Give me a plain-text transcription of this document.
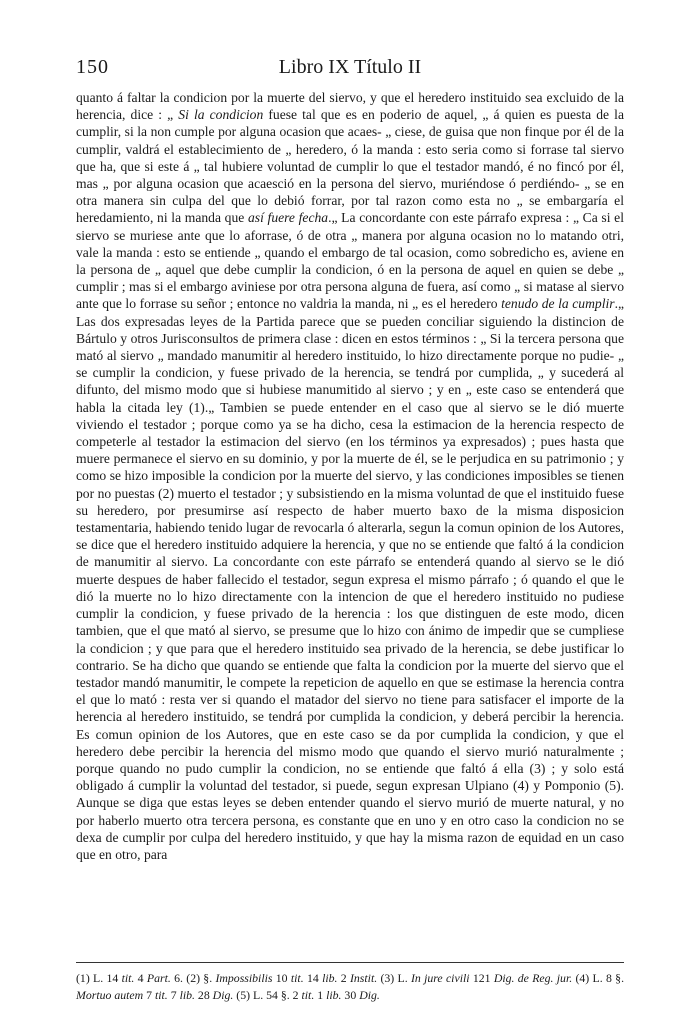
150	Libro IX Título II

quanto á faltar la condicion por la muerte del siervo, y que el heredero instituido sea excluido de la herencia, dice : „ Si la condicion fuese tal que es en poderio de aquel, „ á quien es puesta de la cumplir, si la non cumple por alguna ocasion que acaes- „ ciese, de guisa que non finque por él de la cumplir, valdrá el establecimiento de „ heredero, ó la manda : esto seria como si forrase tal siervo que ha, que si este á „ tal hubiere voluntad de cumplir lo que el testador mandó, é no fincó por él, mas „ por alguna ocasion que acaesció en la persona del siervo, muriéndose ó perdiéndo- „ se en otra manera sin culpa del que lo debió forrar, por tal razon como esta no „ se embargaría el heredamiento, ni la manda que así fuere fecha.„ La concordante con este párrafo expresa : „ Ca si el siervo se muriese ante que lo aforrase, ó de otra „ manera por alguna ocasion no lo matando otri, vale la manda : esto se entiende „ quando el embargo de tal ocasion, como sobredicho es, aviene en la persona de „ aquel que debe cumplir la condicion, ó en la persona de aquel en quien se debe „ cumplir ; mas si el embargo aviniese por otra persona alguna de fuera, así como „ si matase al siervo ante que lo forrase su señor ; entonce no valdria la manda, ni „ es el heredero tenudo de la cumplir.„ Las dos expresadas leyes de la Partida parece que se pueden conciliar siguiendo la distincion de Bártulo y otros Jurisconsultos de primera clase : dicen en estos términos : „ Si la tercera persona que mató al siervo „ mandado manumitir al heredero instituido, lo hizo directamente porque no pudie- „ se cumplir la condicion, y fuese privado de la herencia, se tendrá por cumplida, „ y sucederá al difunto, del mismo modo que si hubiese manumitido al siervo ; y en „ este caso se entenderá que habla la citada ley (1).„ Tambien se puede entender en el caso que al siervo se le dió muerte viviendo el testador ; porque como ya se ha dicho, cesa la estimacion de la herencia respecto de competerle al testador la estimacion del siervo (en los términos ya expresados) ; pues hasta que muere permanece el siervo en su dominio, y por la muerte de él, se le perjudica en su patrimonio ; y como se hizo imposible la condicion por la muerte del siervo, y las condiciones imposibles se tienen por no puestas (2) muerto el testador ; y subsistiendo en la misma voluntad de que el instituido fuese su heredero, por presumirse así respecto de haber muerto baxo de la misma disposicion testamentaria, habiendo tenido lugar de revocarla ó alterarla, segun la comun opinion de los Autores, se dice que el heredero instituido adquiere la herencia, y que no se entiende que faltó á la condicion de manumitir al siervo. La concordante con este párrafo se entenderá quando al siervo se le dió muerte despues de haber fallecido el testador, segun expresa el mismo párrafo ; ó quando el que le dió la muerte no lo hizo directamente con la intencion de que el heredero instituido no pudiese cumplir la condicion, y fuese privado de la herencia : los que distinguen de este modo, dicen tambien, que el que mató al siervo, se presume que lo hizo con ánimo de impedir que se cumpliese la condicion ; y que para que el heredero instituido sea privado de la herencia, se debe justificar lo contrario. Se ha dicho que quando se entiende que falta la condicion por la muerte del siervo que el testador mandó manumitir, le compete la repeticion de aquello en que se estimase la herencia contra el que lo mató : resta ver si quando el matador del siervo no tiene para satisfacer el importe de la herencia al heredero instituido, se tendrá por cumplida la condicion, y deberá percibir la herencia. Es comun opinion de los Autores, que en este caso se da por cumplida la condicion, y que el heredero debe percibir la herencia del mismo modo que quando el siervo murió naturalmente ; porque quando no pudo cumplir la condicion, no se entiende que faltó á ella (3) ; y solo está obligado á cumplir la voluntad del testador, si puede, segun expresan Ulpiano (4) y Pomponio (5). Aunque se diga que estas leyes se deben entender quando el siervo murió de muerte natural, y no por haberlo muerto otra tercera persona, es constante que en uno y en otro caso la condicion no se dexa de cumplir por culpa del heredero instituido, y que hay la misma razon de equidad en un caso que en otro, para

(1) L. 14 tit. 4 Part. 6. (2) §. Impossibilis 10 tit. 14 lib. 2 Instit. (3) L. In jure civili 121 Dig. de Reg. jur. (4) L. 8 §. Mortuo autem 7 tit. 7 lib. 28 Dig. (5) L. 54 §. 2 tit. 1 lib. 30 Dig.
